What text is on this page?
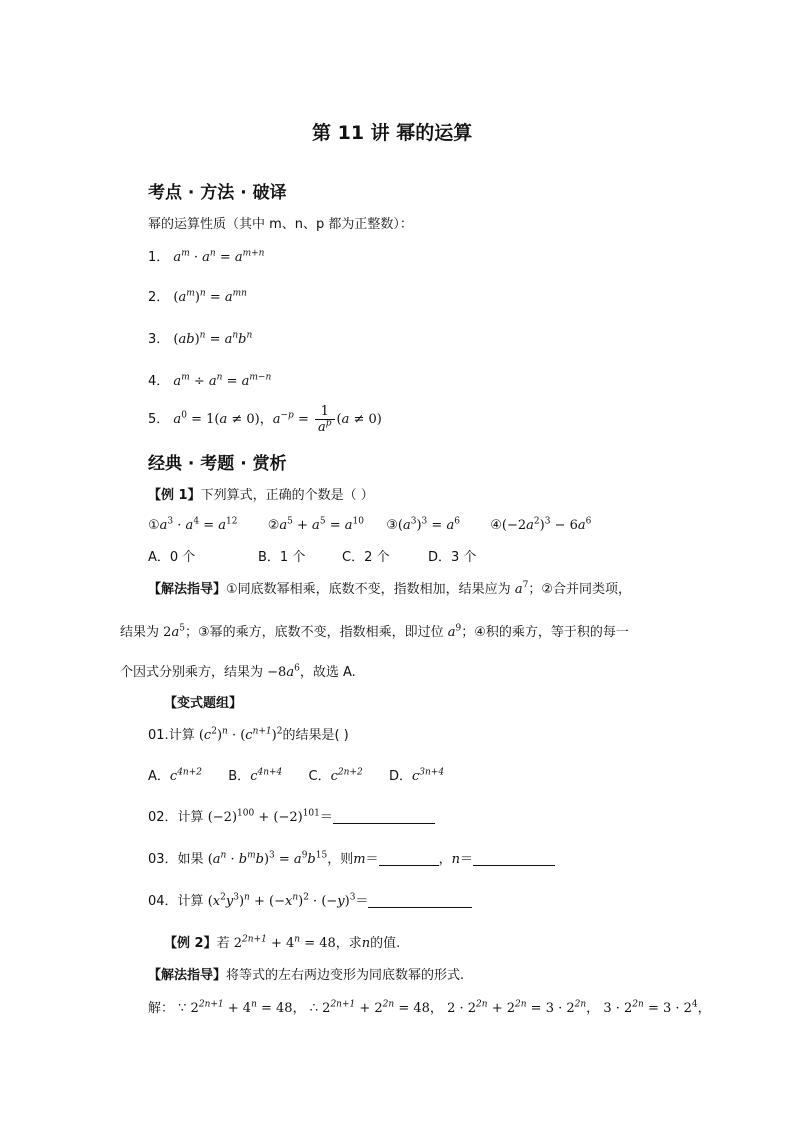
第 11 讲 幂的运算
考点 · 方法 · 破译
幂的运算性质（其中 m、n、p 都为正整数）：
1． $a^m \cdot a^n = a^{m+n}$
2． $(a^m)^n = a^{mn}$
3． $(ab)^n = a^nb^n$
4． $a^m \div a^n = a^{m-n}$
5． $a^0 = 1(a \ne 0)$，$a^{-p} = \frac{1}{a^p} (a \ne 0)$
经典 · 考题 · 赏析
【例 1】下列算式，正确的个数是（ ）
$①a^3 \cdot a^4 = a^{12}$ $②a^5 + a^5 = a^{10}$ $③(a^3)^3 = a^6$ $④(-2a^2)^3 - 6a^6$
A．0 个	B．1 个	C．2 个	D．3 个
【解法指导】①同底数幂相乘，底数不变，指数相加，结果应为 $a^7$；②合并同类项，
结果为 $2a^5$；③幂的乘方，底数不变，指数相乘，即过位 $a^9$；④积的乘方，等于积的每一
个因式分别乘方，结果为 $-8a^6$，故选 A.
【变式题组】
01.计算 $(c^2)^n \cdot (c^{n+1})^2$的结果是( )
A．$c^{4n+2}$ B．$c^{4n+4}$ C．$c^{2n+2}$ D．$c^{3n+4}$
02．计算 $(-2)^{100} + (-2)^{101}=$
03．如果 $(a^n \cdot b^mb)^3 = a^9b^{15}$，则m＝	，n＝
04．计算 $(x^2y^3)^n + (-x^n)^2 \cdot (-y)^3=$
【例 2】若 $2^{2n+1} + 4^n = 48$，求n的值.
【解法指导】将等式的左右两边变形为同底数幂的形式.
解： ∵ $2^{2n+1} + 4^n = 48$， ∴ $2^{2n+1} + 2^{2n} = 48$， $2 \cdot 2^{2n} + 2^{2n} = 3 \cdot 2^{2n}$， $3 \cdot 2^{2n} = 3 \cdot 2^4$，
